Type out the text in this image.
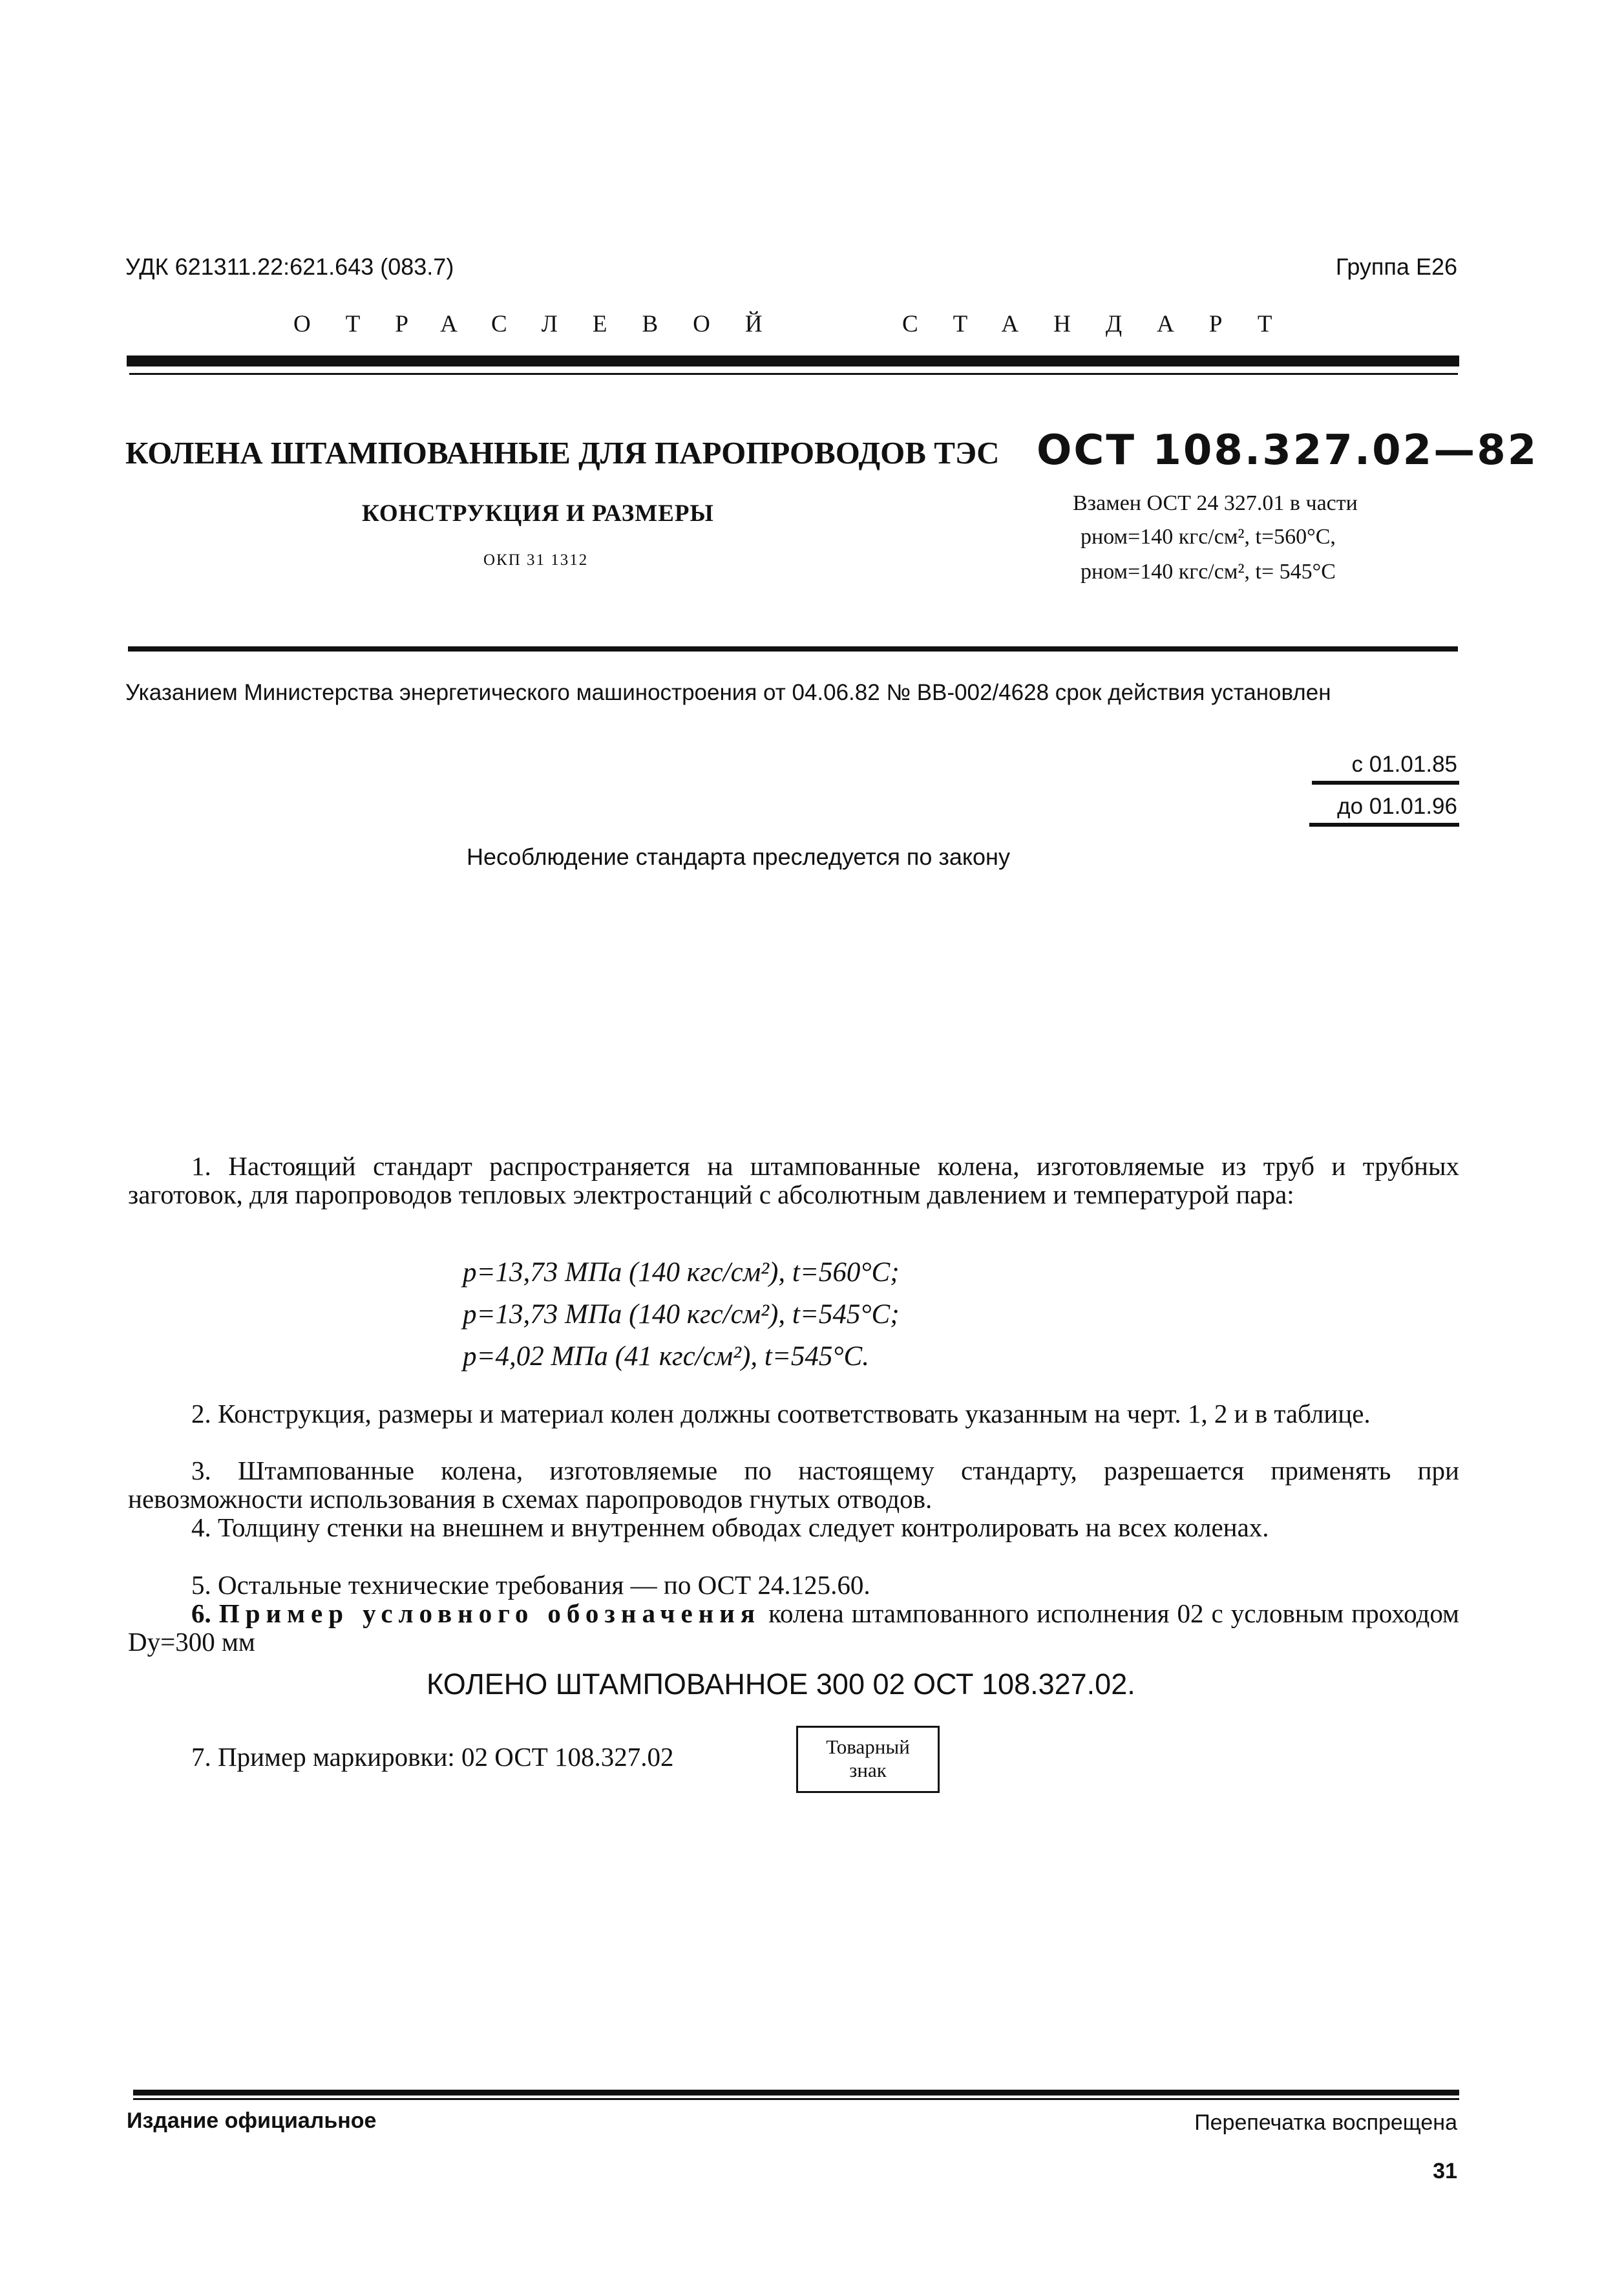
УДК 621311.22:621.643 (083.7)	Группа Е26
ОТРАСЛЕВОЙ	СТАНДАРТ
КОЛЕНА ШТАМПОВАННЫЕ ДЛЯ ПАРОПРОВОДОВ ТЭС
КОНСТРУКЦИЯ И РАЗМЕРЫ
ОКП 31 1312
ОСТ 108.327.02—82
Взамен ОСТ 24 327.01 в части
pном=140 кгс/см², t=560°C,
pном=140 кгс/см², t= 545°C
Указанием Министерства энергетического машиностроения от 04.06.82 № ВВ-002/4628 срок действия установлен
с 01.01.85
до 01.01.96
Несоблюдение стандарта преследуется по закону
1. Настоящий стандарт распространяется на штампованные колена, изготовляемые из труб и трубных заготовок, для паропроводов тепловых электростанций с абсолютным давлением и температурой пара:
p=13,73 МПа (140 кгс/см²), t=560°C;
p=13,73 МПа (140 кгс/см²), t=545°C;
p=4,02 МПа (41 кгс/см²), t=545°C.
2. Конструкция, размеры и материал колен должны соответствовать указанным на черт. 1, 2 и в таблице.
3. Штампованные колена, изготовляемые по настоящему стандарту, разрешается применять при невозможности использования в схемах паропроводов гнутых отводов.
4. Толщину стенки на внешнем и внутреннем обводах следует контролировать на всех коленах.
5. Остальные технические требования — по ОСТ 24.125.60.
6. Пример условного обозначения колена штампованного исполнения 02 с условным проходом Dy=300 мм
КОЛЕНО ШТАМПОВАННОЕ 300 02 ОСТ 108.327.02.
7. Пример маркировки: 02 ОСТ 108.327.02	Товарный
знак
Издание официальное	Перепечатка воспрещена
31
